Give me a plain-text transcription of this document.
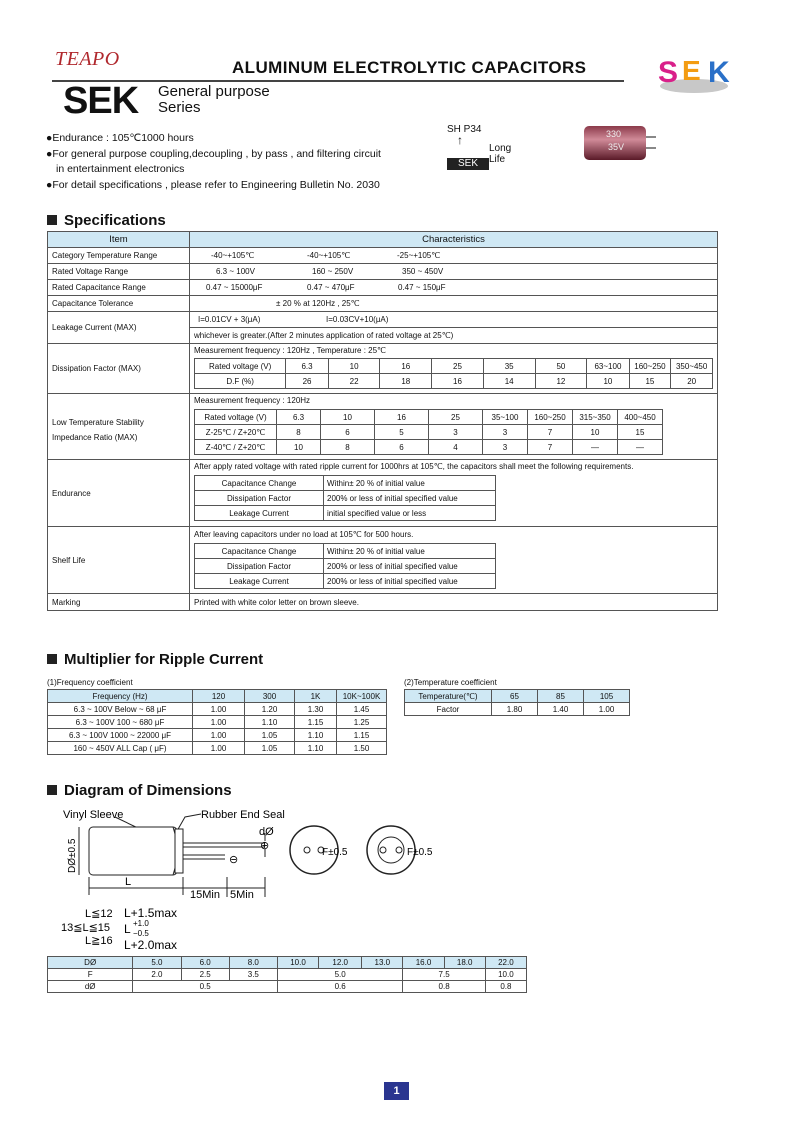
TEAPO	ALUMINUM ELECTROLYTIC CAPACITORS
SEK General purpose
Series
S E K
●Endurance : 105℃1000 hours
●For general purpose coupling,decoupling , by pass , and filtering circuit
in entertainment electronics
●For detail specifications , please refer to Engineering Bulletin No. 2030
SH P34
↑
Long Life
SEK
330
35V
Specifications
Item	Characteristics
Category Temperature Range	-40~+105℃	-40~+105℃	-25~+105℃
Rated Voltage Range	6.3 ~ 100V	160 ~ 250V	350 ~ 450V
Rated Capacitance Range	0.47 ~ 15000μF	0.47 ~ 470μF	0.47 ~ 150μF
Capacitance Tolerance	± 20 % at 120Hz , 25℃
Leakage Current (MAX)	
I=0.01CV + 3(μA)	I=0.03CV+10(μA)
whichever is greater.(After 2 minutes application of rated voltage at 25℃)

Dissipation Factor (MAX)	
Measurement frequency : 120Hz , Temperature : 25℃
Rated voltage (V)	6.3	10	16	25	35	50	63~100	160~250	350~450
D.F (%)	26	22	18	16	14	12	10	15	20

Low Temperature Stability
Impedance Ratio (MAX)

Measurement frequency : 120Hz
Rated voltage (V)	6.3	10	16	25	35~100	160~250	315~350	400~450
Z-25℃ / Z+20℃	8	6	5	3	3	7	10	15
Z-40℃ / Z+20℃	10	8	6	4	3	7	—	—

Endurance	
After apply rated voltage with rated ripple current for 1000hrs at 105℃, the capacitors shall meet the following requirements.
Capacitance Change	Within± 20 % of initial value
Dissipation Factor	200% or less of initial specified value
Leakage Current	initial specified value or less

Shelf Life	
After leaving capacitors under no load at 105℃ for 500 hours.
Capacitance Change	Within± 20 % of initial value
Dissipation Factor	200% or less of initial specified value
Leakage Current	200% or less of initial specified value

Marking	Printed with white color letter on brown sleeve.
Multiplier for Ripple Current
(1)Frequency coefficient
Frequency (Hz)	120	300	1K	10K~100K
6.3 ~ 100V Below ~ 68 μF	1.00	1.20	1.30	1.45
6.3 ~ 100V 100 ~ 680 μF	1.00	1.10	1.15	1.25
6.3 ~ 100V 1000 ~ 22000 μF	1.00	1.05	1.10	1.15
160 ~ 450V ALL Cap ( μF)	1.00	1.05	1.10	1.50
(2)Temperature coefficient
Temperature(℃)	65	85	105
Factor	1.80	1.40	1.00
Diagram of Dimensions
Vinyl Sleeve	Rubber End Seal
dØ
⊕
⊖
DØ±0.5
L
15Min 5Min
F±0.5	F±0.5
L≦12 L+1.5max
13≦L≦15 L +1.0
−0.5
L≧16 L+2.0max
DØ	5.0	6.0	8.0	10.0	12.0	13.0	16.0	18.0	22.0
F	2.0	2.5	3.5	5.0			7.5		10.0
dØ	0.5			0.6			0.8		0.8
1
